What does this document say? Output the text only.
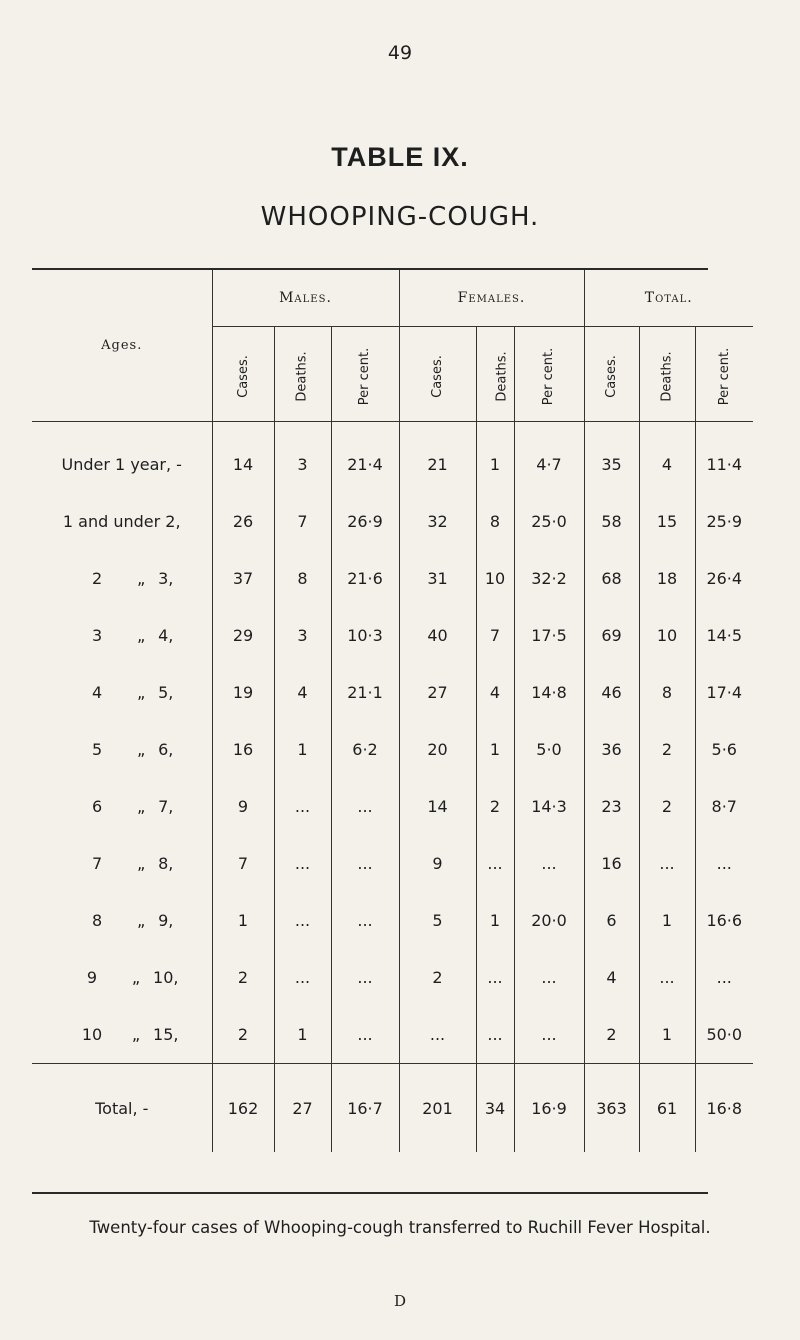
49
TABLE IX.
WHOOPING-COUGH.
Ages.	Males.			Females.			Total.		
	Cases.	Deaths.	Per cent.	Cases.	Deaths.	Per cent.	Cases.	Deaths.	Per cent.
Under 1 year, -	14	3	21·4	21	1	4·7	35	4	11·4
1 and under 2,	26	7	26·9	32	8	25·0	58	15	25·9
2 „ 3,	37	8	21·6	31	10	32·2	68	18	26·4
3 „ 4,	29	3	10·3	40	7	17·5	69	10	14·5
4 „ 5,	19	4	21·1	27	4	14·8	46	8	17·4
5 „ 6,	16	1	6·2	20	1	5·0	36	2	5·6
6 „ 7,	9	...	...	14	2	14·3	23	2	8·7
7 „ 8,	7	...	...	9	...	...	16	...	...
8 „ 9,	1	...	...	5	1	20·0	6	1	16·6
9 „ 10,	2	...	...	2	...	...	4	...	...
10 „ 15,	2	1	...	...	...	...	2	1	50·0
Total, -	162	27	16·7	201	34	16·9	363	61	16·8
Twenty-four cases of Whooping-cough transferred to Ruchill Fever Hospital.
D
